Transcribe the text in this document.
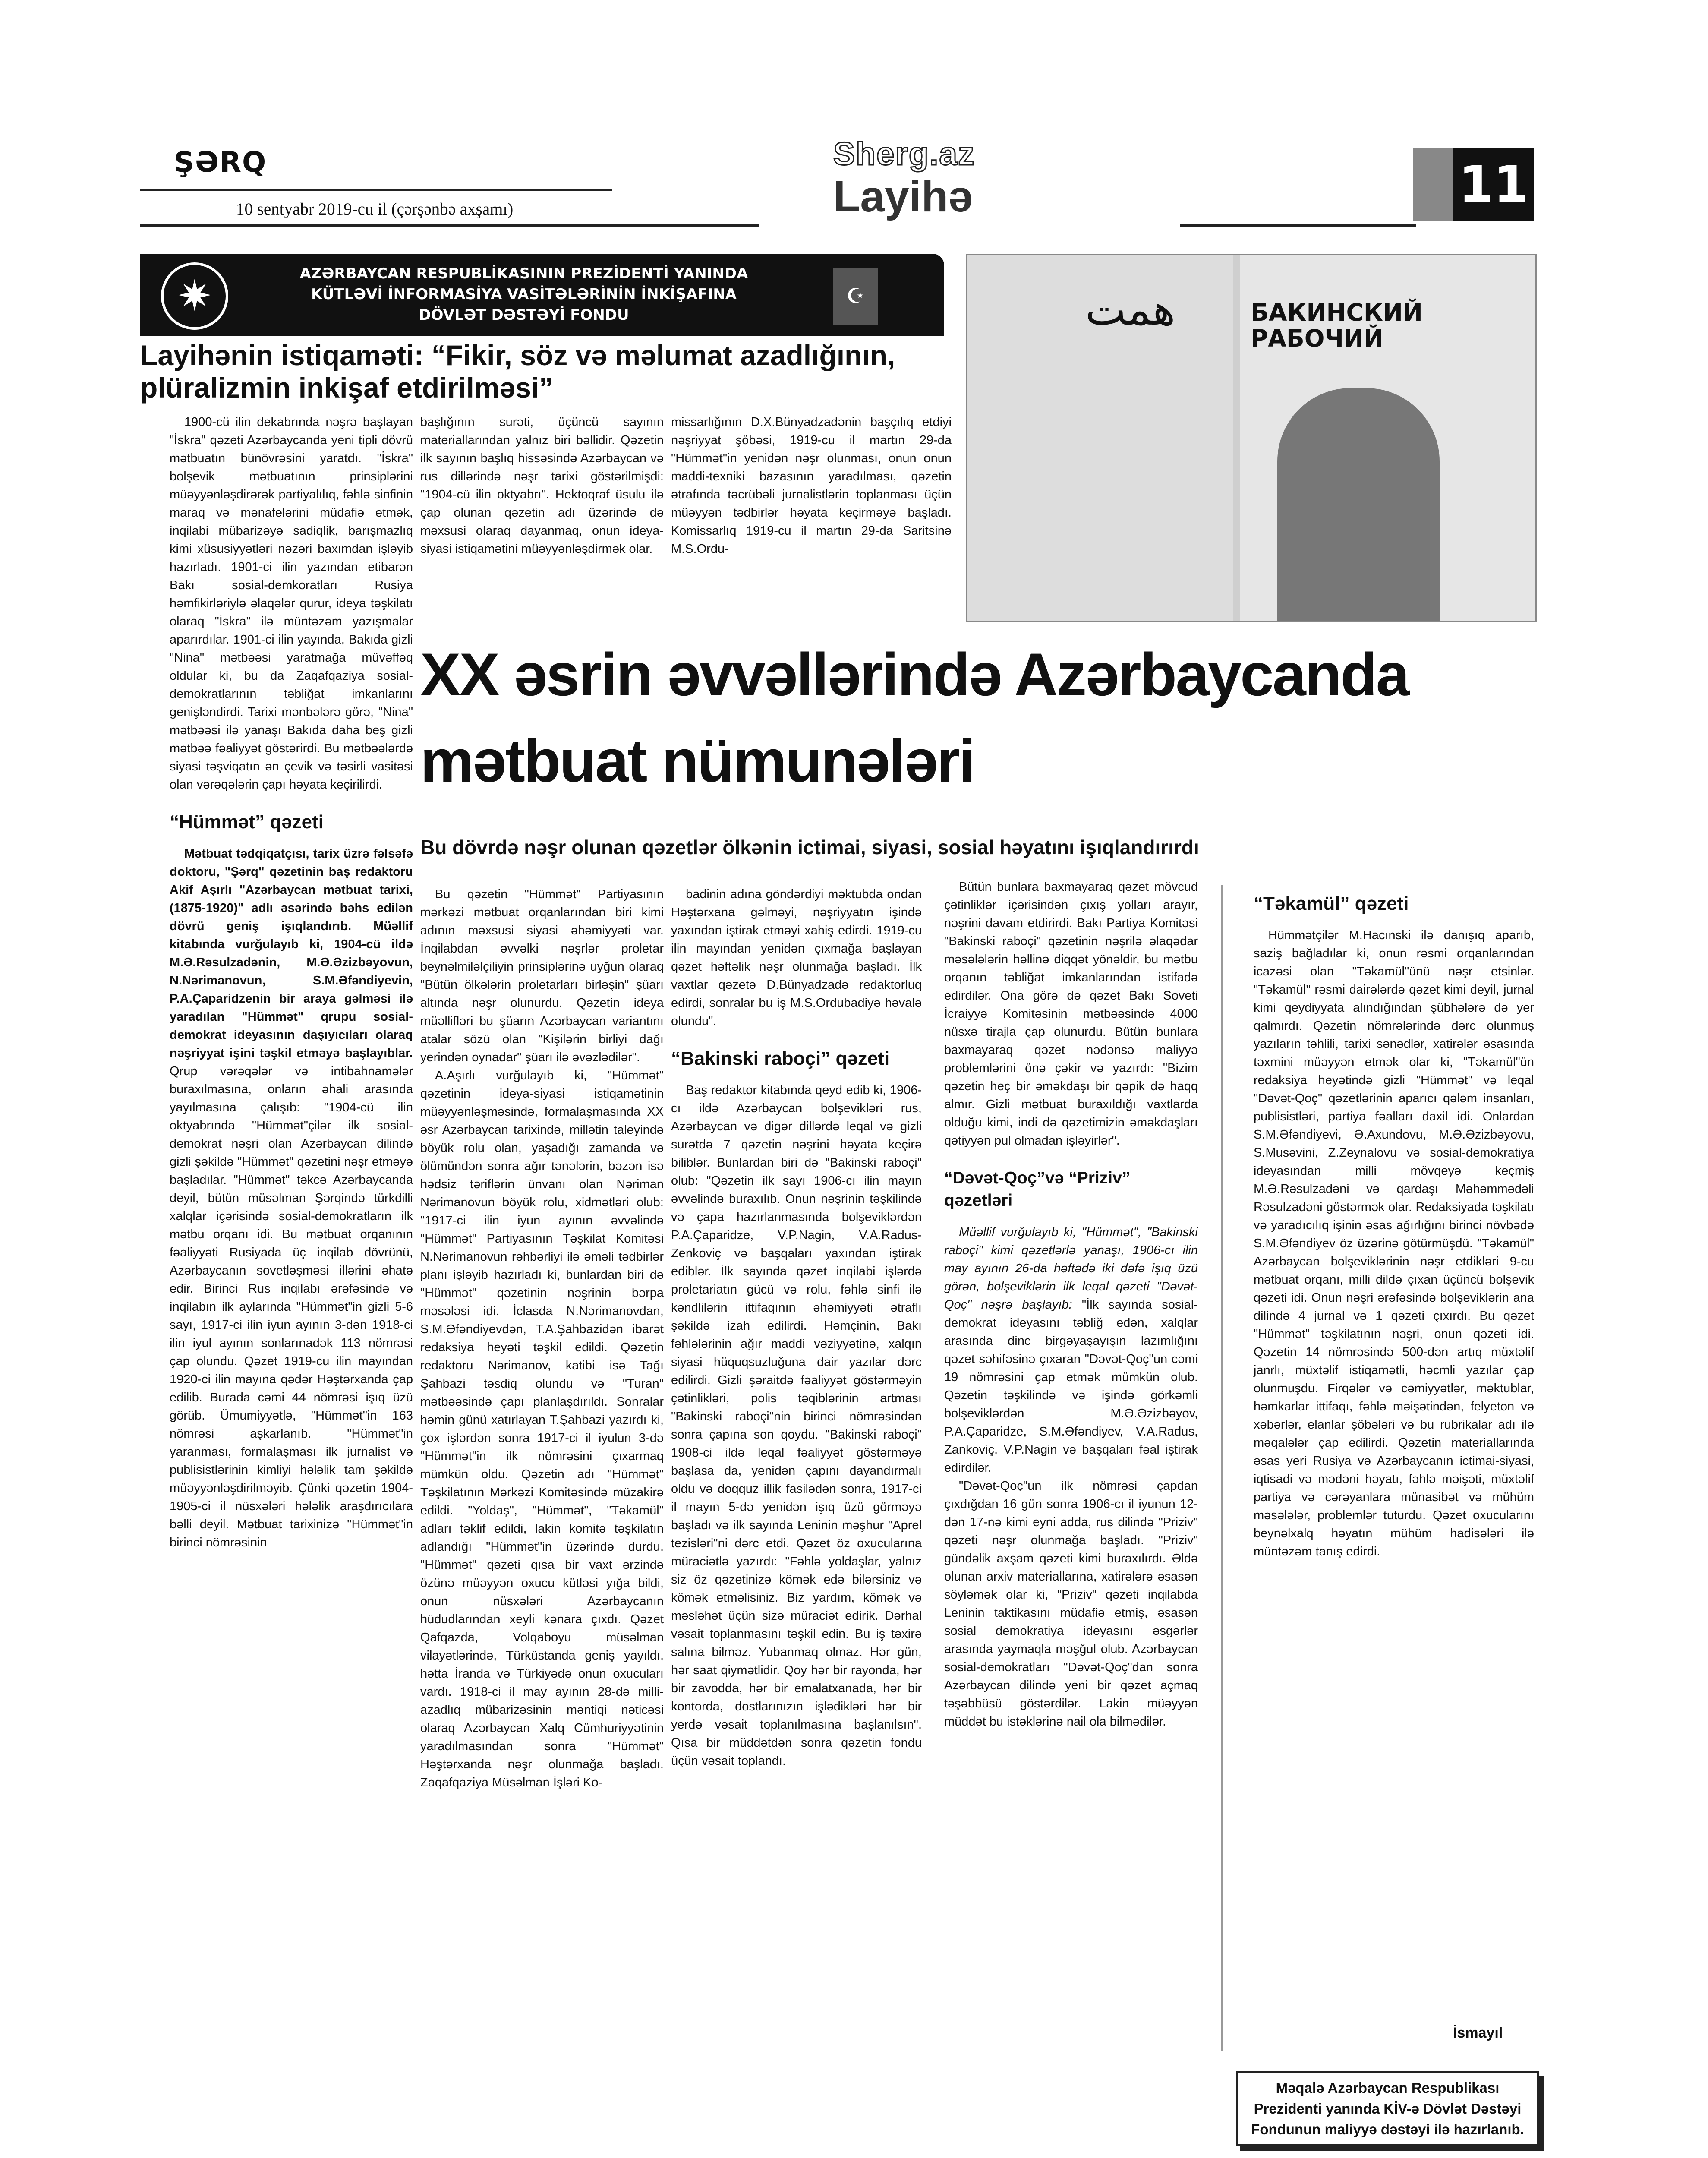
ŞƏRQ
10 sentyabr 2019-cu il (çərşənbə axşamı)
Sherg.az
Layihə	11
✷	AZƏRBAYCAN RESPUBLİKASININ PREZİDENTİ YANINDA KÜTLƏVİ İNFORMASİYA VASİTƏLƏRİNİN İNKİŞAFINA DÖVLƏT DƏSTƏYİ FONDU
☪
Layihənin istiqaməti: “Fikir, söz və məlumat azadlığının, plüralizmin inkişaf etdirilməsi”
همت	БАКИНСКИЙ РАБОЧИЙ

1900-cü ilin dekabrında nəşrə başlayan "İskra" qəzeti Azərbaycanda yeni tipli dövrü mətbuatın bünövrəsini yaratdı. "İskra" bolşevik mətbuatının prinsiplərini müəyyənləşdirərək partiyalılıq, fəhlə sinfinin maraq və mənafelərini müdafiə etmək, inqilabi mübarizəyə sadiqlik, barışmazlıq kimi xüsusiyyətləri nəzəri baxımdan işləyib hazırladı. 1901-ci ilin yazından etibarən Bakı sosial-demkoratları Rusiya həmfikirləriylə əlaqələr qurur, ideya təşkilatı olaraq "İskra" ilə müntəzəm yazışmalar aparırdılar. 1901-ci ilin yayında, Bakıda gizli "Nina" mətbəəsi yaratmağa müvəffəq oldular ki, bu da Zaqafqaziya sosial-demokratlarının təbliğat imkanlarını genişləndirdi. Tarixi mənbələrə görə, "Nina" mətbəəsi ilə yanaşı Bakıda daha beş gizli mətbəə fəaliyyət göstərirdi. Bu mətbəələrdə siyasi təşviqatın ən çevik və təsirli vasitəsi olan vərəqələrin çapı həyata keçirilirdi.

“Hümmət” qəzeti

Mətbuat tədqiqatçısı, tarix üzrə fəlsəfə doktoru, "Şərq" qəzetinin baş redaktoru Akif Aşırlı "Azərbaycan mətbuat tarixi, (1875-1920)" adlı əsərində bəhs edilən dövrü geniş işıqlandırıb. Müəllif kitabında vurğulayıb ki, 1904-cü ildə M.Ə.Rəsulzadənin, M.Ə.Əzizbəyovun, N.Nərimanovun, S.M.Əfəndiyevin, P.A.Çaparidzenin bir araya gəlməsi ilə yaradılan "Hümmət" qrupu sosial-demokrat ideyasının daşıyıcıları olaraq nəşriyyat işini təşkil etməyə başlayıblar. Qrup vərəqələr və intibahnamələr buraxılmasına, onların əhali arasında yayılmasına çalışıb: "1904-cü ilin oktyabrında "Hümmət"çilər ilk sosial-demokrat nəşri olan Azərbaycan dilində gizli şəkildə "Hümmət" qəzetini nəşr etməyə başladılar. "Hümmət" təkcə Azərbaycanda deyil, bütün müsəlman Şərqində türkdilli xalqlar içərisində sosial-demokratların ilk mətbu orqanı idi. Bu mətbuat orqanının fəaliyyəti Rusiyada üç inqilab dövrünü, Azərbaycanın sovetləşməsi illərini əhatə edir. Birinci Rus inqilabı ərəfəsində və inqilabın ilk aylarında "Hümmət"in gizli 5-6 sayı, 1917-ci ilin iyun ayının 3-dən 1918-ci ilin iyul ayının sonlarınadək 113 nömrəsi çap olundu. Qəzet 1919-cu ilin mayından 1920-ci ilin mayına qədər Həştərxanda çap edilib. Burada cəmi 44 nömrəsi işıq üzü görüb. Ümumiyyətlə, "Hümmət"in 163 nömrəsi aşkarlanıb. "Hümmət"in yaranması, formalaşması ilk jurnalist və publisistlərinin kimliyi hələlik tam şəkildə müəyyənləşdirilməyib. Çünki qəzetin 1904-1905-ci il nüsxələri hələlik araşdırıcılara bəlli deyil. Mətbuat tarixinizə "Hümmət"in birinci nömrəsinin

başlığının surəti, üçüncü sayının materiallarından yalnız biri bəllidir. Qəzetin ilk sayının başlıq hissəsində Azərbaycan və rus dillərində nəşr tarixi göstərilmişdi: "1904-cü ilin oktyabrı". Hektoqraf üsulu ilə çap olunan qəzetin adı üzərində də məxsusi olaraq dayanmaq, onun ideya-siyasi istiqamətini müəyyənləşdirmək olar.

missarlığının D.X.Bünyadzadənin başçılıq etdiyi nəşriyyat şöbəsi, 1919-cu il martın 29-da "Hümmət"in yenidən nəşr olunması, onun onun maddi-texniki bazasının yaradılması, qəzetin ətrafında təcrübəli jurnalistlərin toplanması üçün müəyyən tədbirlər həyata keçirməyə başladı. Komissarlıq 1919-cu il martın 29-da Saritsinə M.S.Ordu-

XX əsrin əvvəllərində Azərbaycanda mətbuat nümunələri
Bu dövrdə nəşr olunan qəzetlər ölkənin ictimai, siyasi, sosial həyatını işıqlandırırdı

Bu qəzetin "Hümmət" Partiyasının mərkəzi mətbuat orqanlarından biri kimi adının məxsusi siyasi əhəmiyyəti var. İnqilabdan əvvəlki nəşrlər proletar beynəlmiləlçiliyin prinsiplərinə uyğun olaraq "Bütün ölkələrin proletarları birləşin" şüarı altında nəşr olunurdu. Qəzetin ideya müəllifləri bu şüarın Azərbaycan variantını atalar sözü olan "Kişilərin birliyi dağı yerindən oynadar" şüarı ilə əvəzlədilər".

A.Aşırlı vurğulayıb ki, "Hümmət" qəzetinin ideya-siyasi istiqamətinin müəyyənləşməsində, formalaşmasında XX əsr Azərbaycan tarixində, millətin taleyində böyük rolu olan, yaşadığı zamanda və ölümündən sonra ağır tənələrin, bəzən isə hədsiz təriflərin ünvanı olan Nəriman Nərimanovun böyük rolu, xidmətləri olub: "1917-ci ilin iyun ayının əvvəlində "Hümmət" Partiyasının Təşkilat Komitəsi N.Nərimanovun rəhbərliyi ilə əməli tədbirlər planı işləyib hazırladı ki, bunlardan biri də "Hümmət" qəzetinin nəşrinin bərpa məsələsi idi. İclasda N.Nərimanovdan, S.M.Əfəndiyevdən, T.A.Şahbazidən ibarət redaksiya heyəti təşkil edildi. Qəzetin redaktoru Nərimanov, katibi isə Tağı Şahbazi təsdiq olundu və "Turan" mətbəəsində çapı planlaşdırıldı. Sonralar həmin günü xatırlayan T.Şahbazi yazırdı ki, çox işlərdən sonra 1917-ci il iyulun 3-də "Hümmət"in ilk nömrəsini çıxarmaq mümkün oldu. Qəzetin adı "Hümmət" Təşkilatının Mərkəzi Komitəsində müzakirə edildi. "Yoldaş", "Hümmət", "Təkamül" adları təklif edildi, lakin komitə təşkilatın adlandığı "Hümmət"in üzərində durdu. "Hümmət" qəzeti qısa bir vaxt ərzində özünə müəyyən oxucu kütləsi yığa bildi, onun nüsxələri Azərbaycanın hüdudlarından xeyli kənara çıxdı. Qəzet Qafqazda, Volqaboyu müsəlman vilayətlərində, Türküstanda geniş yayıldı, hətta İranda və Türkiyədə onun oxucuları vardı. 1918-ci il may ayının 28-də milli-azadlıq mübarizəsinin məntiqi nəticəsi olaraq Azərbaycan Xalq Cümhuriyyətinin yaradılmasından sonra "Hümmət" Həştərxanda nəşr olunmağa başladı. Zaqafqaziya Müsəlman İşləri Ko-

badinin adına göndərdiyi məktubda ondan Həştərxana gəlməyi, nəşriyyatın işində yaxından iştirak etməyi xahiş edirdi. 1919-cu ilin mayından yenidən çıxmağa başlayan qəzet həftəlik nəşr olunmağa başladı. İlk vaxtlar qəzetə D.Bünyadzadə redaktorluq edirdi, sonralar bu iş M.S.Ordubadiyə həvalə olundu".

“Bakinski raboçi” qəzeti

Baş redaktor kitabında qeyd edib ki, 1906-cı ildə Azərbaycan bolşevikləri rus, Azərbaycan və digər dillərdə leqal və gizli surətdə 7 qəzetin nəşrini həyata keçirə biliblər. Bunlardan biri də "Bakinski raboçi" olub: "Qəzetin ilk sayı 1906-cı ilin mayın əvvəlində buraxılıb. Onun nəşrinin təşkilində və çapa hazırlanmasında bolşeviklərdən P.A.Çaparidze, V.P.Nagin, V.A.Radus-Zenkoviç və başqaları yaxından iştirak ediblər. İlk sayında qəzet inqilabi işlərdə proletariatın gücü və rolu, fəhlə sinfi ilə kəndlilərin ittifaqının əhəmiyyəti ətraflı şəkildə izah edilirdi. Həmçinin, Bakı fəhlələrinin ağır maddi vəziyyətinə, xalqın siyasi hüquqsuzluğuna dair yazılar dərc edilirdi. Gizli şəraitdə fəaliyyət göstərməyin çətinlikləri, polis təqiblərinin artması "Bakinski raboçi"nin birinci nömrəsindən sonra çapına son qoydu. "Bakinski raboçi" 1908-ci ildə leqal fəaliyyət göstərməyə başlasa da, yenidən çapını dayandırmalı oldu və doqquz illik fasilədən sonra, 1917-ci il mayın 5-də yenidən işıq üzü görməyə başladı və ilk sayında Leninin məşhur "Aprel tezisləri"ni dərc etdi. Qəzet öz oxucularına müraciətlə yazırdı: "Fəhlə yoldaşlar, yalnız siz öz qəzetinizə kömək edə bilərsiniz və kömək etməlisiniz. Biz yardım, kömək və məsləhət üçün sizə müraciət edirik. Dərhal vəsait toplanmasını təşkil edin. Bu iş təxirə salına bilməz. Yubanmaq olmaz. Hər gün, hər saat qiymətlidir. Qoy hər bir rayonda, hər bir zavodda, hər bir emalatxanada, hər bir kontorda, dostlarınızın işlədikləri hər bir yerdə vəsait toplanılmasına başlanılsın". Qısa bir müddətdən sonra qəzetin fondu üçün vəsait toplandı.

Bütün bunlara baxmayaraq qəzet mövcud çətinliklər içərisindən çıxış yolları arayır, nəşrini davam etdirirdi. Bakı Partiya Komitəsi "Bakinski raboçi" qəzetinin nəşrilə əlaqədar məsələlərin həllinə diqqət yönəldir, bu mətbu orqanın təbliğat imkanlarından istifadə edirdilər. Ona görə də qəzet Bakı Soveti İcraiyyə Komitəsinin mətbəəsində 4000 nüsxə tirajla çap olunurdu. Bütün bunlara baxmayaraq qəzet nədənsə maliyyə problemlərini önə çəkir və yazırdı: "Bizim qəzetin heç bir əməkdaşı bir qəpik də haqq almır. Gizli mətbuat buraxıldığı vaxtlarda olduğu kimi, indi də qəzetimizin əməkdaşları qətiyyən pul olmadan işləyirlər".

“Dəvət-Qoç”və “Priziv” qəzetləri

Müəllif vurğulayıb ki, "Hümmət", "Bakinski raboçi" kimi qəzetlərlə yanaşı, 1906-cı ilin may ayının 26-da həftədə iki dəfə işıq üzü görən, bolşeviklərin ilk leqal qəzeti "Dəvət-Qoç" nəşrə başlayıb: "İlk sayında sosial-demokrat ideyasını təbliğ edən, xalqlar arasında dinc birgəyaşayışın lazımlığını qəzet səhifəsinə çıxaran "Dəvət-Qoç"un cəmi 19 nömrəsini çap etmək mümkün olub. Qəzetin təşkilində və işində görkəmli bolşeviklərdən M.Ə.Əzizbəyov, P.A.Çaparidze, S.M.Əfəndiyev, V.A.Radus, Zankoviç, V.P.Nagin və başqaları fəal iştirak edirdilər.

"Dəvət-Qoç"un ilk nömrəsi çapdan çıxdığdan 16 gün sonra 1906-cı il iyunun 12-dən 17-nə kimi eyni adda, rus dilində "Priziv" qəzeti nəşr olunmağa başladı. "Priziv" gündəlik axşam qəzeti kimi buraxılırdı. Əldə olunan arxiv materiallarına, xatirələrə əsasən söyləmək olar ki, "Priziv" qəzeti inqilabda Leninin taktikasını müdafiə etmiş, əsasən sosial demokratiya ideyasını əsgərlər arasında yaymaqla məşğul olub. Azərbaycan sosial-demokratları "Dəvət-Qoç"dan sonra Azərbaycan dilində yeni bir qəzet açmaq təşəbbüsü göstərdilər. Lakin müəyyən müddət bu istəklərinə nail ola bilmədilər.

“Təkamül” qəzeti

Hümmətçilər M.Hacınski ilə danışıq aparıb, saziş bağladılar ki, onun rəsmi orqanlarından icazəsi olan "Təkamül"ünü nəşr etsinlər. "Təkamül" rəsmi dairələrdə qəzet kimi deyil, jurnal kimi qeydiyyata alındığından şübhələrə də yer qalmırdı. Qəzetin nömrələrində dərc olunmuş yazıların təhlili, tarixi sənədlər, xatirələr əsasında təxmini müəyyən etmək olar ki, "Təkamül"ün redaksiya heyətində gizli "Hümmət" və leqal "Dəvət-Qoç" qəzetlərinin aparıcı qələm insanları, publisistləri, partiya fəalları daxil idi. Onlardan S.M.Əfəndiyevi, Ə.Axundovu, M.Ə.Əzizbəyovu, S.Musəvini, Z.Zeynalovu və sosial-demokratiya ideyasından milli mövqeyə keçmiş M.Ə.Rəsulzadəni və qardaşı Məhəmmədəli Rəsulzadəni göstərmək olar. Redaksiyada təşkilatı və yaradıcılıq işinin əsas ağırlığını birinci növbədə S.M.Əfəndiyev öz üzərinə götürmüşdü. "Təkamül" Azərbaycan bolşeviklərinin nəşr etdikləri 9-cu mətbuat orqanı, milli dildə çıxan üçüncü bolşevik qəzeti idi. Onun nəşri ərəfəsində bolşeviklərin ana dilində 4 jurnal və 1 qəzeti çıxırdı. Bu qəzet "Hümmət" təşkilatının nəşri, onun qəzeti idi. Qəzetin 14 nömrəsində 500-dən artıq müxtəlif janrlı, müxtəlif istiqamətli, həcmli yazılar çap olunmuşdu. Firqələr və cəmiyyətlər, məktublar, həmkarlar ittifaqı, fəhlə məişətindən, felyeton və xəbərlər, elanlar şöbələri və bu rubrikalar adı ilə məqalələr çap edilirdi. Qəzetin materiallarında əsas yeri Rusiya və Azərbaycanın ictimai-siyasi, iqtisadi və mədəni həyatı, fəhlə məişəti, müxtəlif partiya və cərəyanlara münasibət və mühüm məsələlər, problemlər tuturdu. Qəzet oxucularını beynəlxalq həyatın mühüm hadisələri ilə müntəzəm tanış edirdi.

İsmayıl
Məqalə Azərbaycan Respublikası Prezidenti yanında KİV-ə Dövlət Dəstəyi Fondunun maliyyə dəstəyi ilə hazırlanıb.
